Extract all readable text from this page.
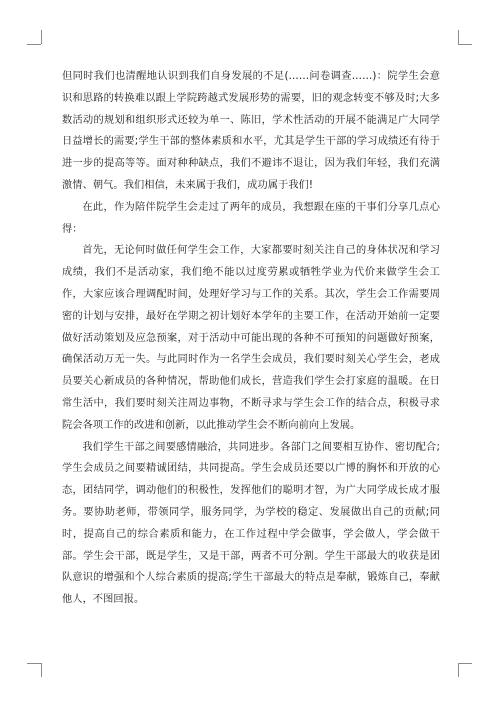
但同时我们也清醒地认识到我们自身发展的不足(……问卷调查……)：院学生会意识和思路的转换难以跟上学院跨越式发展形势的需要，旧的观念转变不够及时;大多数活动的规划和组织形式还较为单一、陈旧，学术性活动的开展不能满足广大同学日益增长的需要;学生干部的整体素质和水平，尤其是学生干部的学习成绩还有待于进一步的提高等等。面对种种缺点，我们不避讳不退让，因为我们年轻，我们充满激情、朝气。我们相信，未来属于我们，成功属于我们!

在此，作为陪伴院学生会走过了两年的成员，我想跟在座的干事们分享几点心得：

首先，无论何时做任何学生会工作，大家都要时刻关注自己的身体状况和学习成绩，我们不是活动家，我们绝不能以过度劳累或牺牲学业为代价来做学生会工作，大家应该合理调配时间，处理好学习与工作的关系。其次，学生会工作需要周密的计划与安排，最好在学期之初计划好本学年的主要工作，在活动开始前一定要做好活动策划及应急预案，对于活动中可能出现的各种不可预知的问题做好预案，确保活动万无一失。与此同时作为一名学生会成员，我们要时刻关心学生会，老成员要关心新成员的各种情况，帮助他们成长，营造我们学生会打家庭的温暖。在日常生活中，我们要时刻关注周边事物，不断寻求与学生会工作的结合点，积极寻求院会各项工作的改进和创新，以此推动学生会不断向前向上发展。

我们学生干部之间要感情融洽，共同进步。各部门之间要相互协作、密切配合;学生会成员之间要精诚团结，共同提高。学生会成员还要以广博的胸怀和开放的心态，团结同学，调动他们的积极性，发挥他们的聪明才智，为广大同学成长成才服务。要协助老师，带领同学，服务同学，为学校的稳定、发展做出自己的贡献;同时，提高自己的综合素质和能力，在工作过程中学会做事，学会做人，学会做干部。学生会干部，既是学生，又是干部，两者不可分割。学生干部最大的收获是团队意识的增强和个人综合素质的提高;学生干部最大的特点是奉献，锻炼自己，奉献他人，不图回报。
